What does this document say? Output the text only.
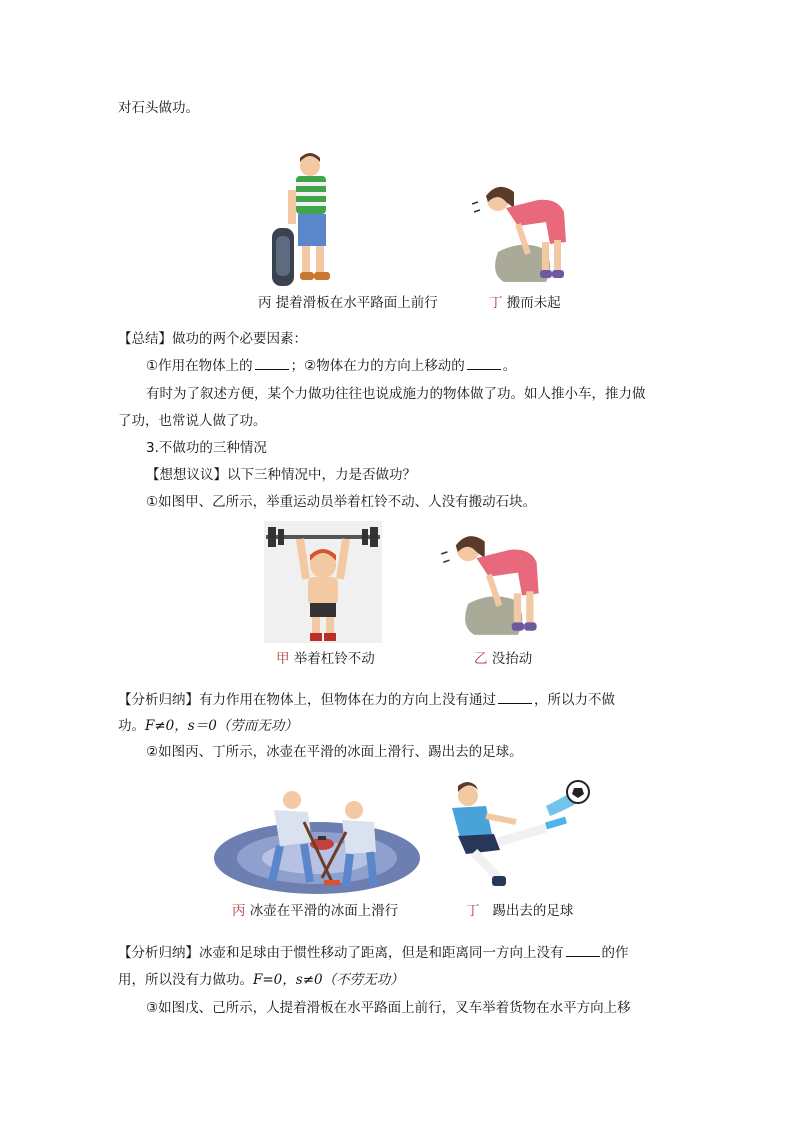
对石头做功。
丙 提着滑板在水平路面上前行	丁 搬而未起
【总结】做功的两个必要因素：
①作用在物体上的	；②物体在力的方向上移动的	。
有时为了叙述方便，某个力做功往往也说成施力的物体做了功。如人推小车，推力做
了功，也常说人做了功。
3.不做功的三种情况
【想想议议】以下三种情况中，力是否做功？
①如图甲、乙所示，举重运动员举着杠铃不动、人没有搬动石块。
甲 举着杠铃不动	乙 没抬动
【分析归纳】有力作用在物体上，但物体在力的方向上没有通过	，所以力不做
功。F≠0，s＝0（劳而无功）
②如图丙、丁所示，冰壶在平滑的冰面上滑行、踢出去的足球。
丙 冰壶在平滑的冰面上滑行	丁 踢出去的足球
【分析归纳】冰壶和足球由于惯性移动了距离，但是和距离同一方向上没有	的作
用，所以没有力做功。F=0，s≠0（不劳无功）
③如图戊、己所示，人提着滑板在水平路面上前行，叉车举着货物在水平方向上移
